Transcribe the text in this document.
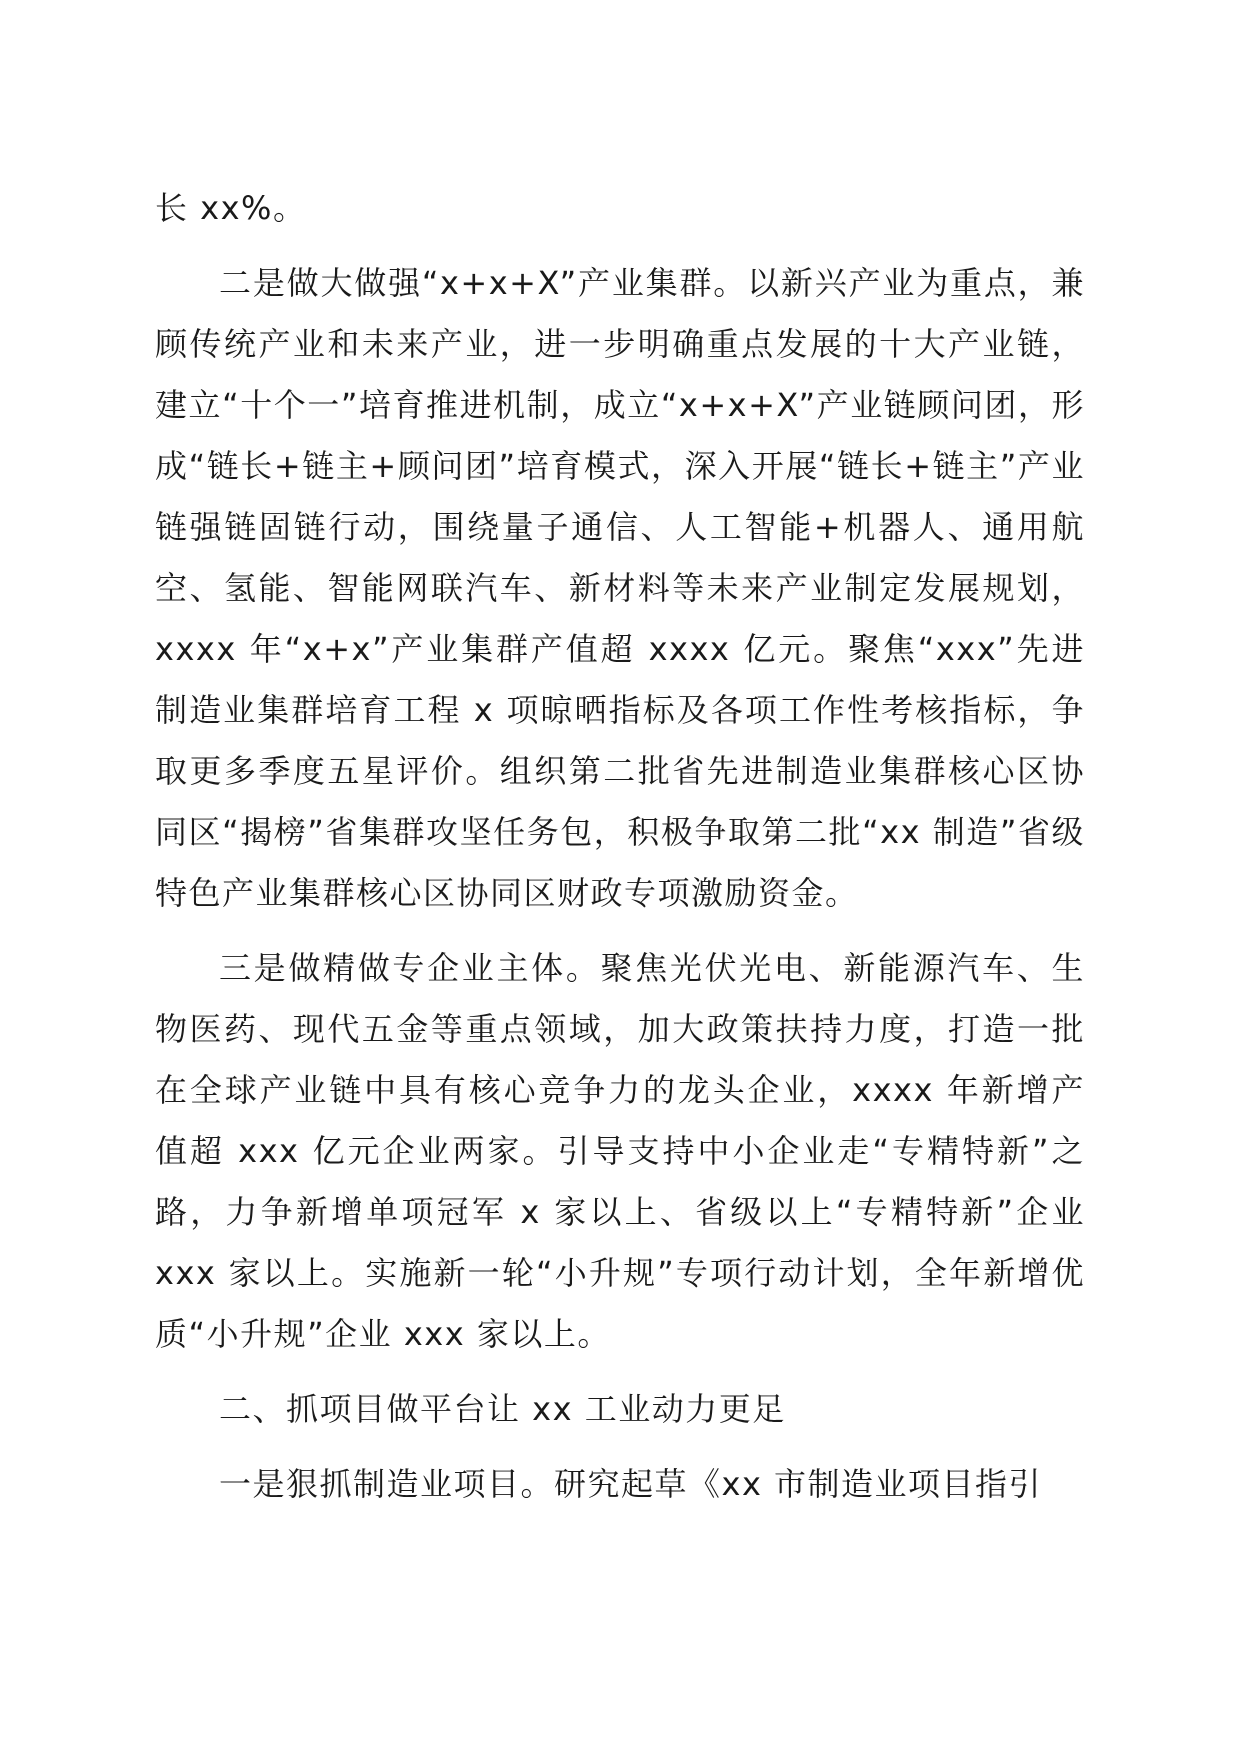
长 xx%。

二是做大做强“x+x+X”产业集群。以新兴产业为重点，兼顾传统产业和未来产业，进一步明确重点发展的十大产业链，建立“十个一”培育推进机制，成立“x+x+X”产业链顾问团，形成“链长+链主+顾问团”培育模式，深入开展“链长+链主”产业链强链固链行动，围绕量子通信、人工智能+机器人、通用航空、氢能、智能网联汽车、新材料等未来产业制定发展规划，xxxx 年“x+x”产业集群产值超 xxxx 亿元。聚焦“xxx”先进制造业集群培育工程 x 项晾晒指标及各项工作性考核指标，争取更多季度五星评价。组织第二批省先进制造业集群核心区协同区“揭榜”省集群攻坚任务包，积极争取第二批“xx 制造”省级特色产业集群核心区协同区财政专项激励资金。

三是做精做专企业主体。聚焦光伏光电、新能源汽车、生物医药、现代五金等重点领域，加大政策扶持力度，打造一批在全球产业链中具有核心竞争力的龙头企业，xxxx 年新增产值超 xxx 亿元企业两家。引导支持中小企业走“专精特新”之路，力争新增单项冠军 x 家以上、省级以上“专精特新”企业 xxx 家以上。实施新一轮“小升规”专项行动计划，全年新增优质“小升规”企业 xxx 家以上。

二、抓项目做平台让 xx 工业动力更足

一是狠抓制造业项目。研究起草《xx 市制造业项目指引
